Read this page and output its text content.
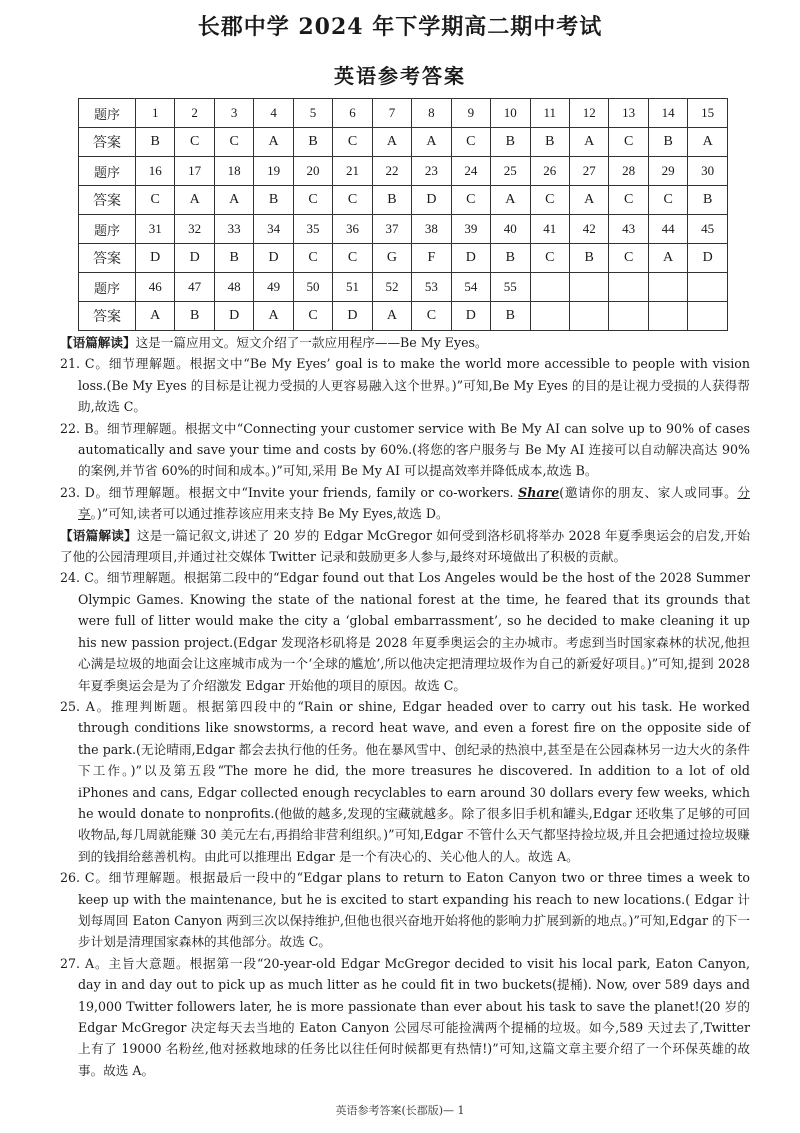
长郡中学 2024 年下学期高二期中考试
英语参考答案
题序	1	2	3	4	5	6	7	8	9	10	11	12	13	14	15
答案	B	C	C	A	B	C	A	A	C	B	B	A	C	B	A
题序	16	17	18	19	20	21	22	23	24	25	26	27	28	29	30
答案	C	A	A	B	C	C	B	D	C	A	C	A	C	C	B
题序	31	32	33	34	35	36	37	38	39	40	41	42	43	44	45
答案	D	D	B	D	C	C	G	F	D	B	C	B	C	A	D
题序	46	47	48	49	50	51	52	53	54	55					
答案	A	B	D	A	C	D	A	C	D	B					

【语篇解读】这是一篇应用文。短文介绍了一款应用程序——Be My Eyes。

21. C。细节理解题。根据文中“Be My Eyes’ goal is to make the world more accessible to people with vision loss.(Be My Eyes 的目标是让视力受损的人更容易融入这个世界。)”可知,Be My Eyes 的目的是让视力受损的人获得帮助,故选 C。

22. B。细节理解题。根据文中“Connecting your customer service with Be My AI can solve up to 90% of cases automatically and save your time and costs by 60%.(将您的客户服务与 Be My AI 连接可以自动解决高达 90%的案例,并节省 60%的时间和成本。)”可知,采用 Be My AI 可以提高效率并降低成本,故选 B。

23. D。细节理解题。根据文中“Invite your friends, family or co-workers. Share(邀请你的朋友、家人或同事。分享。)”可知,读者可以通过推荐该应用来支持 Be My Eyes,故选 D。

【语篇解读】这是一篇记叙文,讲述了 20 岁的 Edgar McGregor 如何受到洛杉矶将举办 2028 年夏季奥运会的启发,开始了他的公园清理项目,并通过社交媒体 Twitter 记录和鼓励更多人参与,最终对环境做出了积极的贡献。

24. C。细节理解题。根据第二段中的“Edgar found out that Los Angeles would be the host of the 2028 Summer Olympic Games. Knowing the state of the national forest at the time, he feared that its grounds that were full of litter would make the city a ‘global embarrassment’, so he decided to make cleaning it up his new passion project.(Edgar 发现洛杉矶将是 2028 年夏季奥运会的主办城市。考虑到当时国家森林的状况,他担心满是垃圾的地面会让这座城市成为一个‘全球的尴尬’,所以他决定把清理垃圾作为自己的新爱好项目。)”可知,提到 2028 年夏季奥运会是为了介绍激发 Edgar 开始他的项目的原因。故选 C。

25. A。推理判断题。根据第四段中的“Rain or shine, Edgar headed over to carry out his task. He worked through conditions like snowstorms, a record heat wave, and even a forest fire on the opposite side of the park.(无论晴雨,Edgar 都会去执行他的任务。他在暴风雪中、创纪录的热浪中,甚至是在公园森林另一边大火的条件下工作。)”以及第五段“The more he did, the more treasures he discovered. In addition to a lot of old iPhones and cans, Edgar collected enough recyclables to earn around 30 dollars every few weeks, which he would donate to nonprofits.(他做的越多,发现的宝藏就越多。除了很多旧手机和罐头,Edgar 还收集了足够的可回收物品,每几周就能赚 30 美元左右,再捐给非营利组织。)”可知,Edgar 不管什么天气都坚持捡垃圾,并且会把通过捡垃圾赚到的钱捐给慈善机构。由此可以推理出 Edgar 是一个有决心的、关心他人的人。故选 A。

26. C。细节理解题。根据最后一段中的“Edgar plans to return to Eaton Canyon two or three times a week to keep up with the maintenance, but he is excited to start expanding his reach to new locations.( Edgar 计划每周回 Eaton Canyon 两到三次以保持维护,但他也很兴奋地开始将他的影响力扩展到新的地点。)”可知,Edgar 的下一步计划是清理国家森林的其他部分。故选 C。

27. A。主旨大意题。根据第一段“20-year-old Edgar McGregor decided to visit his local park, Eaton Canyon, day in and day out to pick up as much litter as he could fit in two buckets(提桶). Now, over 589 days and 19,000 Twitter followers later, he is more passionate than ever about his task to save the planet!(20 岁的 Edgar McGregor 决定每天去当地的 Eaton Canyon 公园尽可能捡满两个提桶的垃圾。如今,589 天过去了,Twitter 上有了 19000 名粉丝,他对拯救地球的任务比以往任何时候都更有热情!)”可知,这篇文章主要介绍了一个环保英雄的故事。故选 A。

英语参考答案(长郡版)— 1
